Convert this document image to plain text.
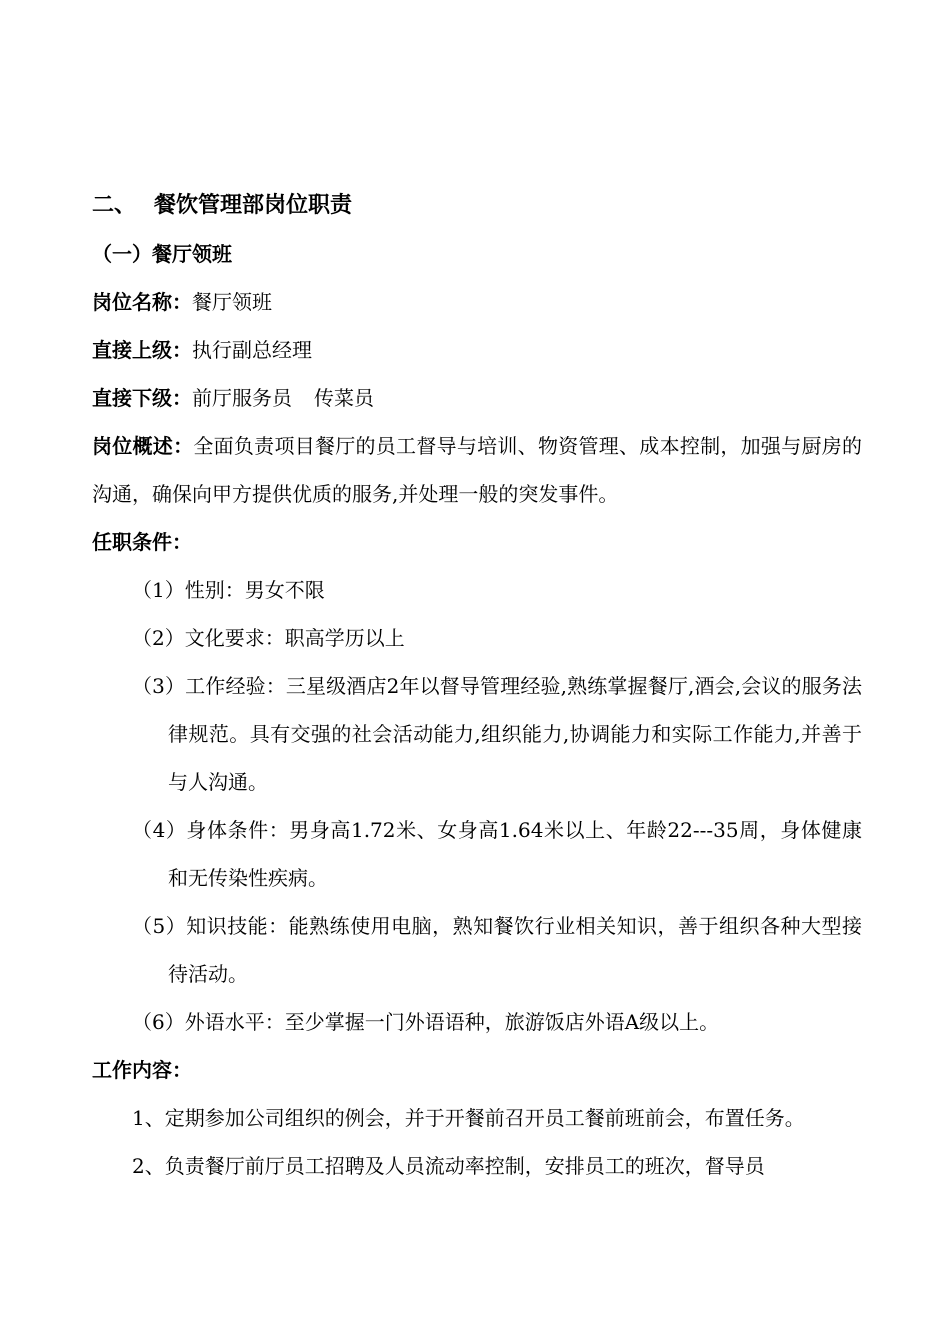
二、 餐饮管理部岗位职责
（一）餐厅领班
岗位名称：餐厅领班
直接上级：执行副总经理
直接下级：前厅服务员 传菜员

岗位概述：全面负责项目餐厅的员工督导与培训、物资管理、成本控制，加强与厨房的沟通，确保向甲方提供优质的服务,并处理一般的突发事件。

任职条件：
（1）性别：男女不限
（2）文化要求：职高学历以上
（3）工作经验：三星级酒店2年以督导管理经验,熟练掌握餐厅,酒会,会议的服务法律规范。具有交强的社会活动能力,组织能力,协调能力和实际工作能力,并善于与人沟通。
（4）身体条件：男身高1.72米、女身高1.64米以上、年龄22---35周，身体健康和无传染性疾病。
（5）知识技能：能熟练使用电脑，熟知餐饮行业相关知识，善于组织各种大型接待活动。
（6）外语水平：至少掌握一门外语语种，旅游饭店外语A级以上。
工作内容：
1、定期参加公司组织的例会，并于开餐前召开员工餐前班前会，布置任务。
2、负责餐厅前厅员工招聘及人员流动率控制，安排员工的班次，督导员
